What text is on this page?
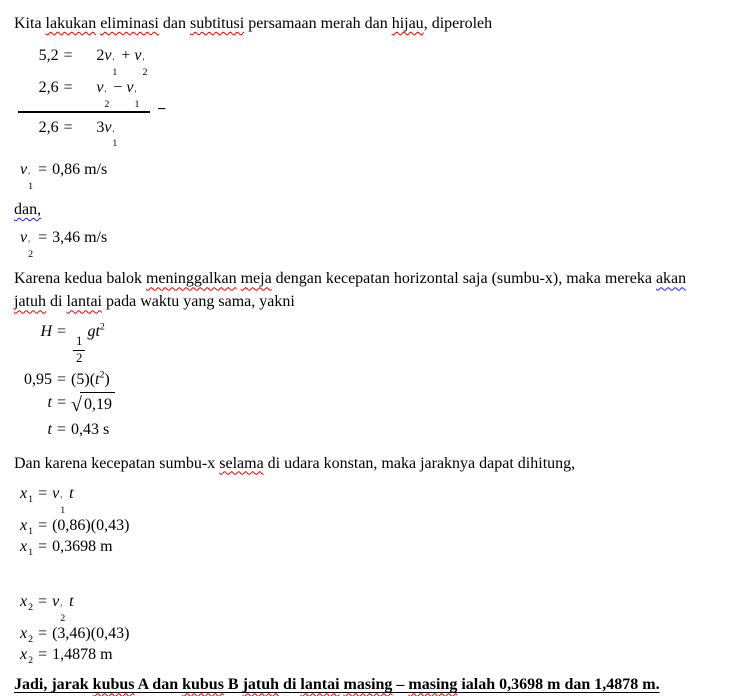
Kita lakukan eliminasi dan subtitusi persamaan merah dan hijau, diperoleh

5,2 =	2v ′
1
+ v ′
2
2,6 =	v ′
2
− v ′
1 −
2,6 =	3v ′
1
v ′
1
= 0,86 m/s

dan,

v ′
2
= 3,46 m/s

Karena kedua balok meninggalkan meja dengan kecepatan horizontal saja (sumbu-x), maka mereka akan jatuh di lantai pada waktu yang sama, yakni

H =
$\frac{1}{2}$
$gt^2$
$0,95 = (5)(t^2)$
t = √ 0,19
t = 0,43 s

Dan karena kecepatan sumbu-x selama di udara konstan, maka jaraknya dapat dihitung,

$x_1 = v$ ′
1
t
$x_1 = (0,86)(0,43)$
$x_1 = 0,3698$ m
$x_2 = v$ ′
2
t
$x_2 = (3,46)(0,43)$
$x_2 = 1,4878$ m

Jadi, jarak kubus A dan kubus B jatuh di lantai masing – masing ialah 0,3698 m dan 1,4878 m.
